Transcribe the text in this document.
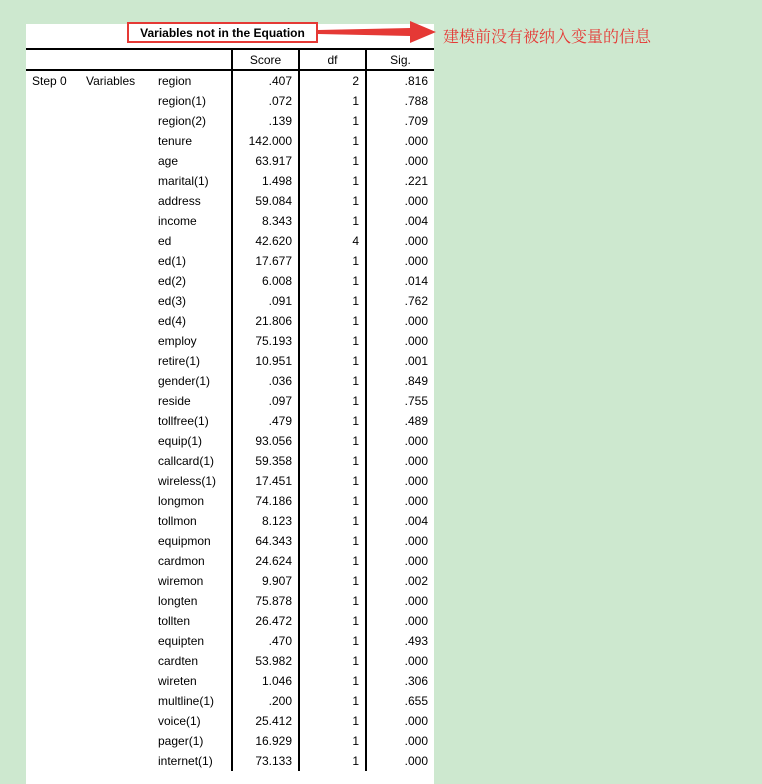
Variables not in the Equation	建模前没有被纳入变量的信息
			Score	df	Sig.
Step 0	Variables	region	.407	2	.816
		region(1)	.072	1	.788
		region(2)	.139	1	.709
		tenure	142.000	1	.000
		age	63.917	1	.000
		marital(1)	1.498	1	.221
		address	59.084	1	.000
		income	8.343	1	.004
		ed	42.620	4	.000
		ed(1)	17.677	1	.000
		ed(2)	6.008	1	.014
		ed(3)	.091	1	.762
		ed(4)	21.806	1	.000
		employ	75.193	1	.000
		retire(1)	10.951	1	.001
		gender(1)	.036	1	.849
		reside	.097	1	.755
		tollfree(1)	.479	1	.489
		equip(1)	93.056	1	.000
		callcard(1)	59.358	1	.000
		wireless(1)	17.451	1	.000
		longmon	74.186	1	.000
		tollmon	8.123	1	.004
		equipmon	64.343	1	.000
		cardmon	24.624	1	.000
		wiremon	9.907	1	.002
		longten	75.878	1	.000
		tollten	26.472	1	.000
		equipten	.470	1	.493
		cardten	53.982	1	.000
		wireten	1.046	1	.306
		multline(1)	.200	1	.655
		voice(1)	25.412	1	.000
		pager(1)	16.929	1	.000
		internet(1)	73.133	1	.000
